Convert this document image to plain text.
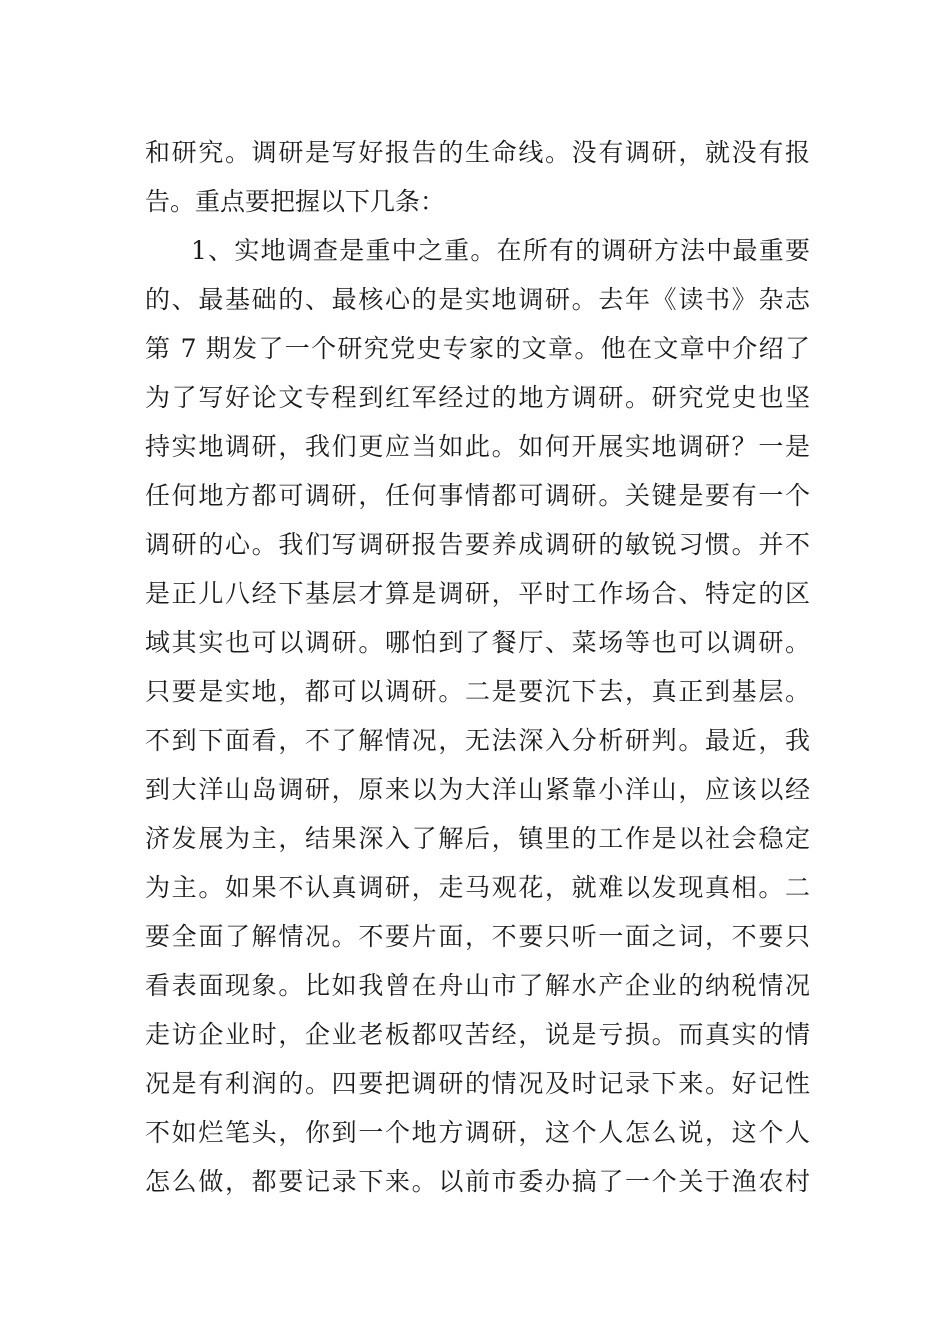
和研究。调研是写好报告的生命线。没有调研，就没有报
告。重点要把握以下几条：
1、实地调查是重中之重。在所有的调研方法中最重要
的、最基础的、最核心的是实地调研。去年《读书》杂志
第 7 期发了一个研究党史专家的文章。他在文章中介绍了
为了写好论文专程到红军经过的地方调研。研究党史也坚
持实地调研，我们更应当如此。如何开展实地调研？一是
任何地方都可调研，任何事情都可调研。关键是要有一个
调研的心。我们写调研报告要养成调研的敏锐习惯。并不
是正儿八经下基层才算是调研，平时工作场合、特定的区
域其实也可以调研。哪怕到了餐厅、菜场等也可以调研。
只要是实地，都可以调研。二是要沉下去，真正到基层。
不到下面看，不了解情况，无法深入分析研判。最近，我
到大洋山岛调研，原来以为大洋山紧靠小洋山，应该以经
济发展为主，结果深入了解后，镇里的工作是以社会稳定
为主。如果不认真调研，走马观花，就难以发现真相。二
要全面了解情况。不要片面，不要只听一面之词，不要只
看表面现象。比如我曾在舟山市了解水产企业的纳税情况
走访企业时，企业老板都叹苦经，说是亏损。而真实的情
况是有利润的。四要把调研的情况及时记录下来。好记性
不如烂笔头，你到一个地方调研，这个人怎么说，这个人
怎么做，都要记录下来。以前市委办搞了一个关于渔农村
